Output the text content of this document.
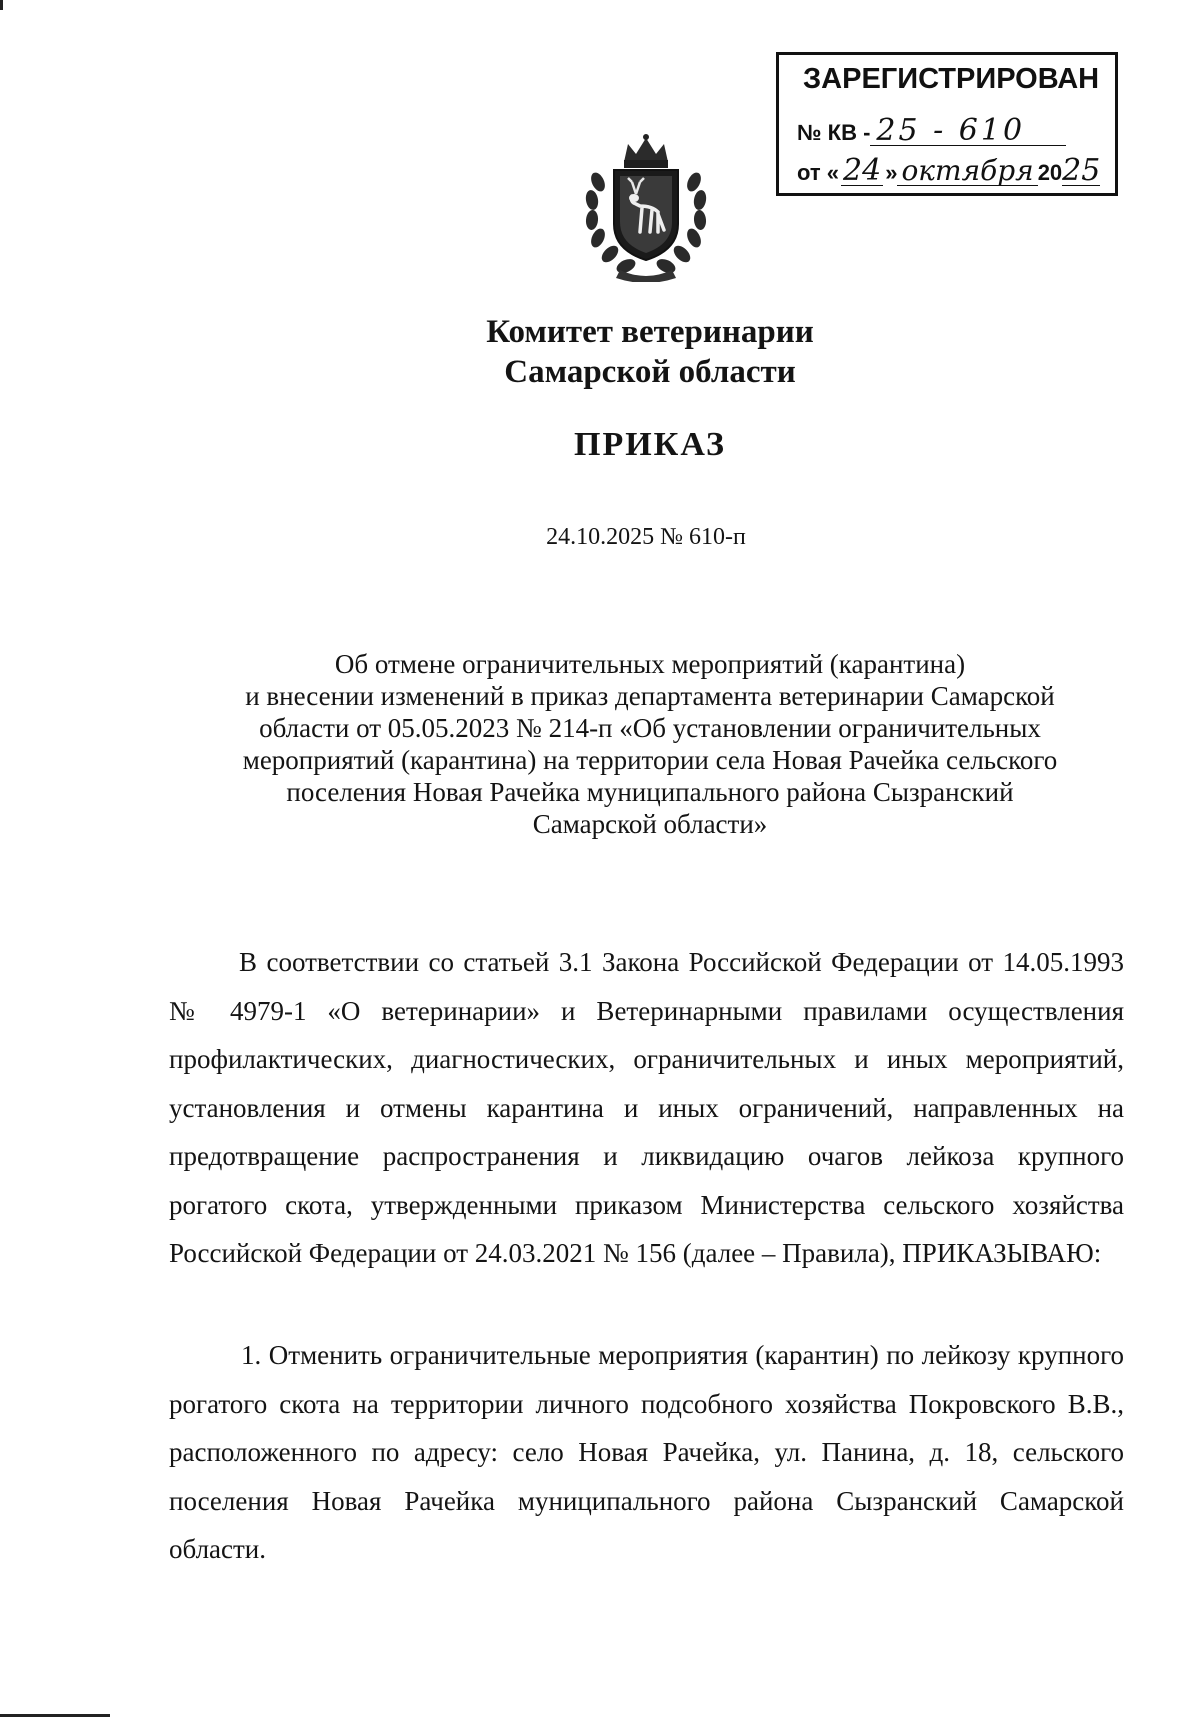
ЗАРЕГИСТРИРОВАН
№ КВ - 25 - 610
от « 24 » октября 2025
Комитет ветеринарии
Самарской области
ПРИКАЗ
24.10.2025 № 610-п
Об отмене ограничительных мероприятий (карантина)
и внесении изменений в приказ департамента ветеринарии Самарской
области от 05.05.2023 № 214-п «Об установлении ограничительных
мероприятий (карантина) на территории села Новая Рачейка сельского
поселения Новая Рачейка муниципального района Сызранский
Самарской области»
В соответствии со статьей 3.1 Закона Российской Федерации от 14.05.1993 № 4979-1 «О ветеринарии» и Ветеринарными правилами осуществления профилактических, диагностических, ограничительных и иных мероприятий, установления и отмены карантина и иных ограничений, направленных на предотвращение распространения и ликвидацию очагов лейкоза крупного рогатого скота, утвержденными приказом Министерства сельского хозяйства Российской Федерации от 24.03.2021 № 156 (далее – Правила), ПРИКАЗЫВАЮ:
1. Отменить ограничительные мероприятия (карантин) по лейкозу крупного рогатого скота на территории личного подсобного хозяйства Покровского В.В., расположенного по адресу: село Новая Рачейка, ул. Панина, д. 18, сельского поселения Новая Рачейка муниципального района Сызранский Самарской области.
